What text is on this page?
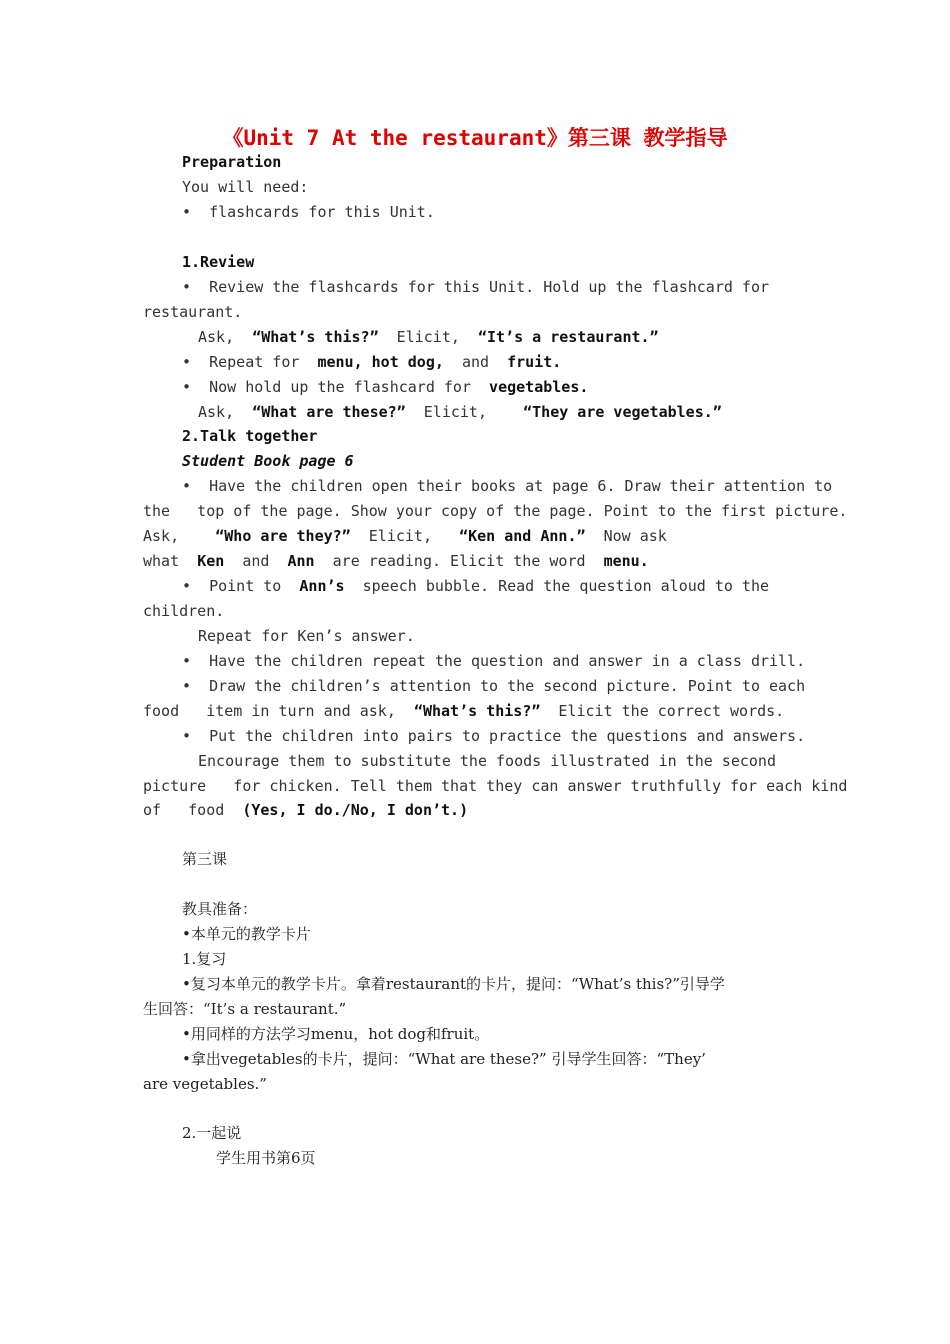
《Unit 7 At the restaurant》第三课 教学指导
Preparation
You will need:
•  flashcards for this Unit.
1.Review
•  Review the flashcards for this Unit. Hold up the flashcard for
restaurant.
Ask,  “What’s this?”  Elicit,  “It’s a restaurant.”
•  Repeat for  menu, hot dog,  and  fruit.
•  Now hold up the flashcard for  vegetables.
Ask,  “What are these?”  Elicit,    “They are vegetables.”
2.Talk together
Student Book page 6
•  Have the children open their books at page 6. Draw their attention to
the   top of the page. Show your copy of the page. Point to the first picture.
Ask,    “Who are they?”  Elicit,   “Ken and Ann.”  Now ask
what  Ken  and  Ann  are reading. Elicit the word  menu.
•  Point to  Ann’s  speech bubble. Read the question aloud to the
children.
Repeat for Ken’s answer.
•  Have the children repeat the question and answer in a class drill.
•  Draw the children’s attention to the second picture. Point to each
food   item in turn and ask,  “What’s this?”  Elicit the correct words.
•  Put the children into pairs to practice the questions and answers.
Encourage them to substitute the foods illustrated in the second
picture   for chicken. Tell them that they can answer truthfully for each kind
of   food  (Yes, I do./No, I don’t.)
第三课
教具准备：
•本单元的教学卡片
1.复习
•复习本单元的教学卡片。拿着restaurant的卡片，提问：“What’s this?”引导学
生回答：“It’s a restaurant.”
•用同样的方法学习menu，hot dog和fruit。
•拿出vegetables的卡片，提问：“What are these?” 引导学生回答：“They’
are vegetables.”
2.一起说
学生用书第6页
